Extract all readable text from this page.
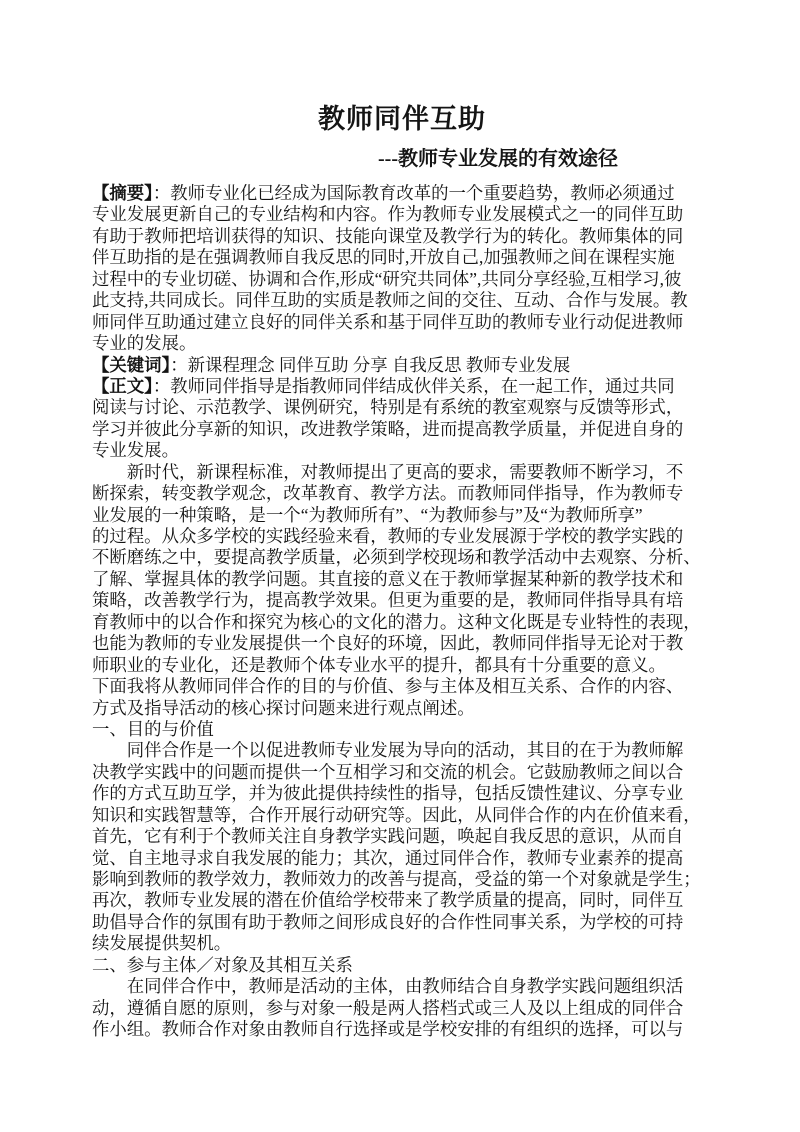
教师同伴互助
---教师专业发展的有效途径
【摘要】：教师专业化已经成为国际教育改革的一个重要趋势，教师必须通过
专业发展更新自己的专业结构和内容。作为教师专业发展模式之一的同伴互助
有助于教师把培训获得的知识、技能向课堂及教学行为的转化。教师集体的同
伴互助指的是在强调教师自我反思的同时,开放自己,加强教师之间在课程实施
过程中的专业切磋、协调和合作,形成“研究共同体”,共同分享经验,互相学习,彼
此支持,共同成长。同伴互助的实质是教师之间的交往、互动、合作与发展。教
师同伴互助通过建立良好的同伴关系和基于同伴互助的教师专业行动促进教师
专业的发展。
【关键词】：新课程理念 同伴互助 分享 自我反思 教师专业发展
【正文】：教师同伴指导是指教师同伴结成伙伴关系，在一起工作，通过共同
阅读与讨论、示范教学、课例研究，特别是有系统的教室观察与反馈等形式，
学习并彼此分享新的知识，改进教学策略，进而提高教学质量，并促进自身的
专业发展。
　　新时代，新课程标准，对教师提出了更高的要求，需要教师不断学习，不
断探索，转变教学观念，改革教育、教学方法。而教师同伴指导，作为教师专
业发展的一种策略，是一个“为教师所有”、“为教师参与”及“为教师所享”
的过程。从众多学校的实践经验来看，教师的专业发展源于学校的教学实践的
不断磨练之中，要提高教学质量，必须到学校现场和教学活动中去观察、分析、
了解、掌握具体的教学问题。其直接的意义在于教师掌握某种新的教学技术和
策略，改善教学行为，提高教学效果。但更为重要的是，教师同伴指导具有培
育教师中的以合作和探究为核心的文化的潜力。这种文化既是专业特性的表现，
也能为教师的专业发展提供一个良好的环境，因此，教师同伴指导无论对于教
师职业的专业化，还是教师个体专业水平的提升，都具有十分重要的意义。
下面我将从教师同伴合作的目的与价值、参与主体及相互关系、合作的内容、
方式及指导活动的核心探讨问题来进行观点阐述。
一、目的与价值
　　同伴合作是一个以促进教师专业发展为导向的活动，其目的在于为教师解
决教学实践中的问题而提供一个互相学习和交流的机会。它鼓励教师之间以合
作的方式互助互学，并为彼此提供持续性的指导，包括反馈性建议、分享专业
知识和实践智慧等，合作开展行动研究等。因此，从同伴合作的内在价值来看，
首先，它有利于个教师关注自身教学实践问题，唤起自我反思的意识，从而自
觉、自主地寻求自我发展的能力；其次，通过同伴合作，教师专业素养的提高
影响到教师的教学效力，教师效力的改善与提高，受益的第一个对象就是学生；
再次，教师专业发展的潜在价值给学校带来了教学质量的提高，同时，同伴互
助倡导合作的氛围有助于教师之间形成良好的合作性同事关系，为学校的可持
续发展提供契机。
二、参与主体／对象及其相互关系
　　在同伴合作中，教师是活动的主体，由教师结合自身教学实践问题组织活
动，遵循自愿的原则，参与对象一般是两人搭档式或三人及以上组成的同伴合
作小组。教师合作对象由教师自行选择或是学校安排的有组织的选择，可以与
